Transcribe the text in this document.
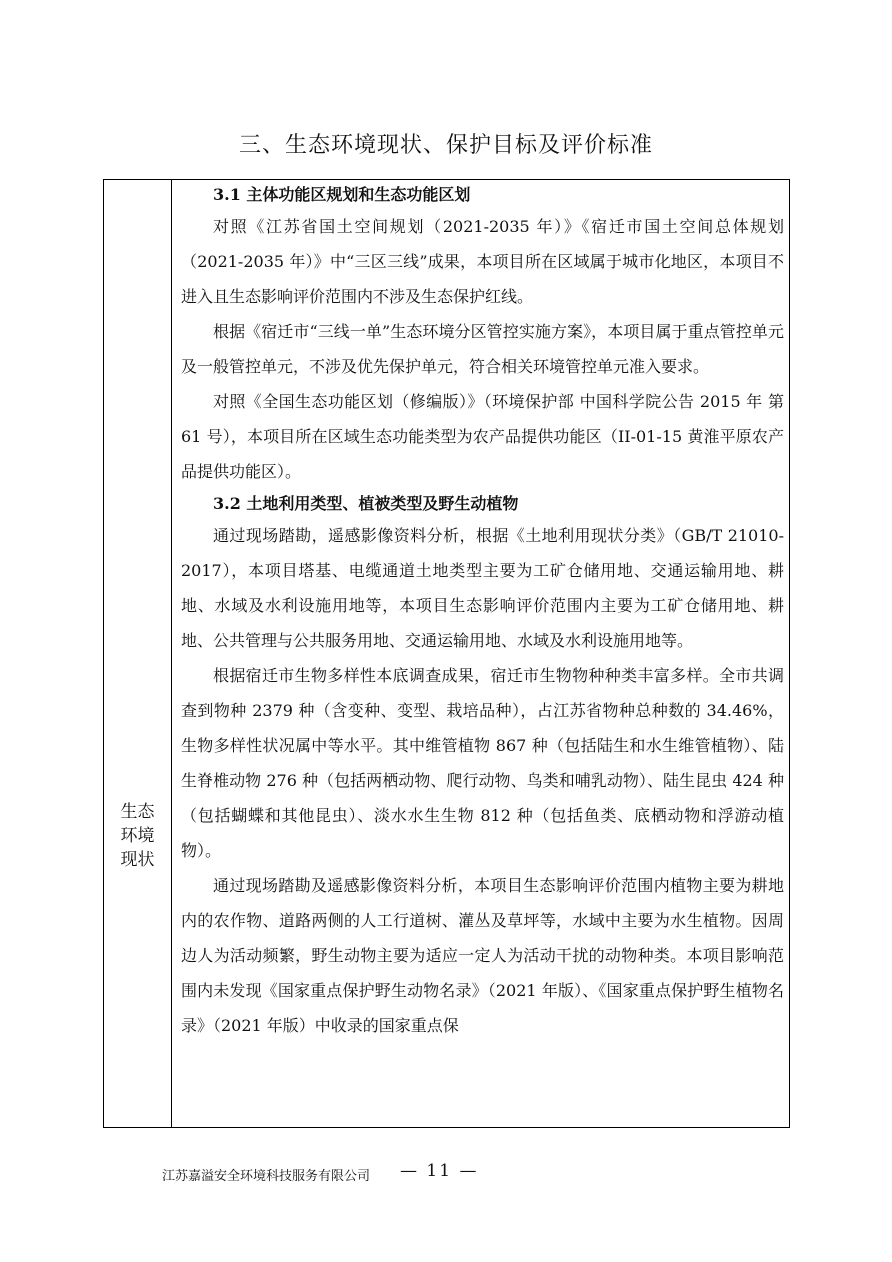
三、生态环境现状、保护目标及评价标准
生态
环境
现状
3.1 主体功能区规划和生态功能区划

对照《江苏省国土空间规划（2021-2035 年）》《宿迁市国土空间总体规划（2021-2035 年）》中“三区三线”成果，本项目所在区域属于城市化地区，本项目不进入且生态影响评价范围内不涉及生态保护红线。

根据《宿迁市“三线一单”生态环境分区管控实施方案》，本项目属于重点管控单元及一般管控单元，不涉及优先保护单元，符合相关环境管控单元准入要求。

对照《全国生态功能区划（修编版）》（环境保护部 中国科学院公告 2015 年 第 61 号），本项目所在区域生态功能类型为农产品提供功能区（II-01-15 黄淮平原农产品提供功能区）。

3.2 土地利用类型、植被类型及野生动植物

通过现场踏勘，遥感影像资料分析，根据《土地利用现状分类》（GB/T 21010-2017），本项目塔基、电缆通道土地类型主要为工矿仓储用地、交通运输用地、耕地、水域及水利设施用地等，本项目生态影响评价范围内主要为工矿仓储用地、耕地、公共管理与公共服务用地、交通运输用地、水域及水利设施用地等。

根据宿迁市生物多样性本底调查成果，宿迁市生物物种种类丰富多样。全市共调查到物种 2379 种（含变种、变型、栽培品种），占江苏省物种总种数的 34.46%，生物多样性状况属中等水平。其中维管植物 867 种（包括陆生和水生维管植物）、陆生脊椎动物 276 种（包括两栖动物、爬行动物、鸟类和哺乳动物）、陆生昆虫 424 种（包括蝴蝶和其他昆虫）、淡水水生生物 812 种（包括鱼类、底栖动物和浮游动植物）。

通过现场踏勘及遥感影像资料分析，本项目生态影响评价范围内植物主要为耕地内的农作物、道路两侧的人工行道树、灌丛及草坪等，水域中主要为水生植物。因周边人为活动频繁，野生动物主要为适应一定人为活动干扰的动物种类。本项目影响范围内未发现《国家重点保护野生动物名录》（2021 年版）、《国家重点保护野生植物名录》（2021 年版）中收录的国家重点保

江苏嘉溢安全环境科技服务有限公司 — 11 —
